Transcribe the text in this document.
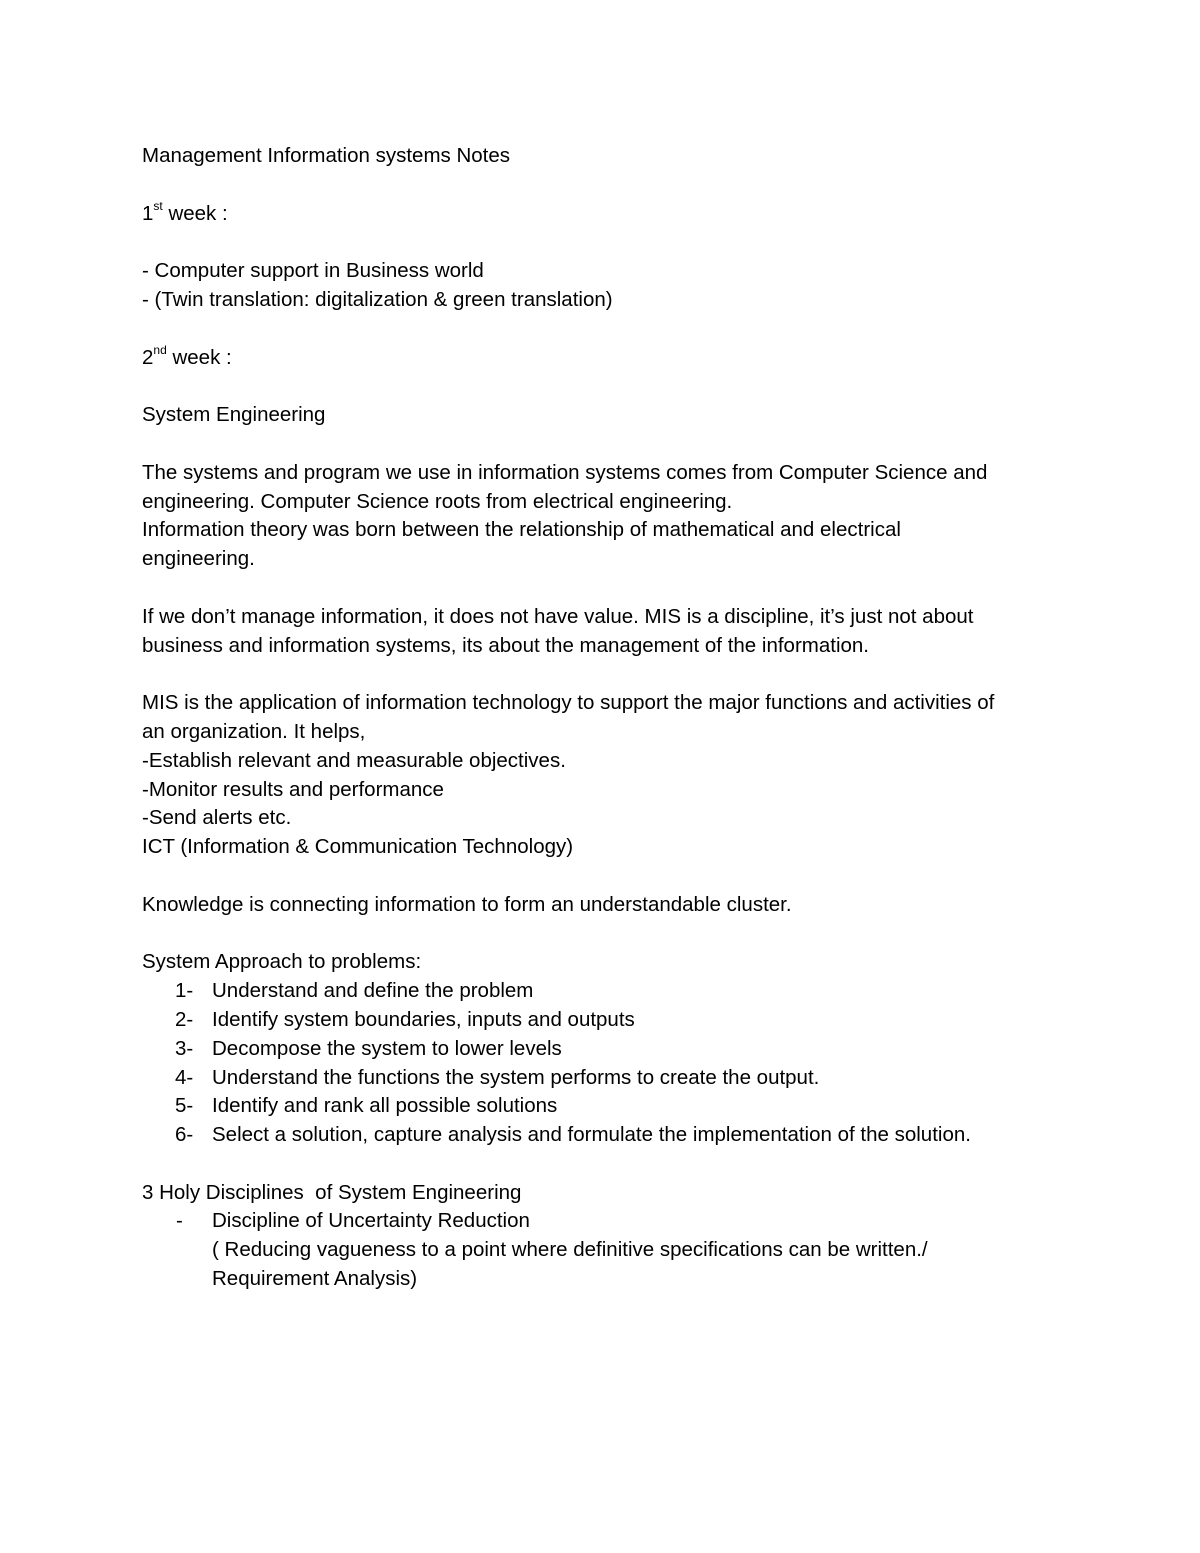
Management Information systems Notes
1st week :
- Computer support in Business world
- (Twin translation: digitalization & green translation)
2nd week :
System Engineering
The systems and program we use in information systems comes from Computer Science and
engineering. Computer Science roots from electrical engineering.
Information theory was born between the relationship of mathematical and electrical
engineering.
If we don’t manage information, it does not have value. MIS is a discipline, it’s just not about
business and information systems, its about the management of the information.
MIS is the application of information technology to support the major functions and activities of
an organization. It helps,
-Establish relevant and measurable objectives.
-Monitor results and performance
-Send alerts etc.
ICT (Information & Communication Technology)
Knowledge is connecting information to form an understandable cluster.
System Approach to problems:
1- Understand and define the problem
2- Identify system boundaries, inputs and outputs
3- Decompose the system to lower levels
4- Understand the functions the system performs to create the output.
5- Identify and rank all possible solutions
6- Select a solution, capture analysis and formulate the implementation of the solution.
3 Holy Disciplines  of System Engineering
- Discipline of Uncertainty Reduction
( Reducing vagueness to a point where definitive specifications can be written./
Requirement Analysis)
